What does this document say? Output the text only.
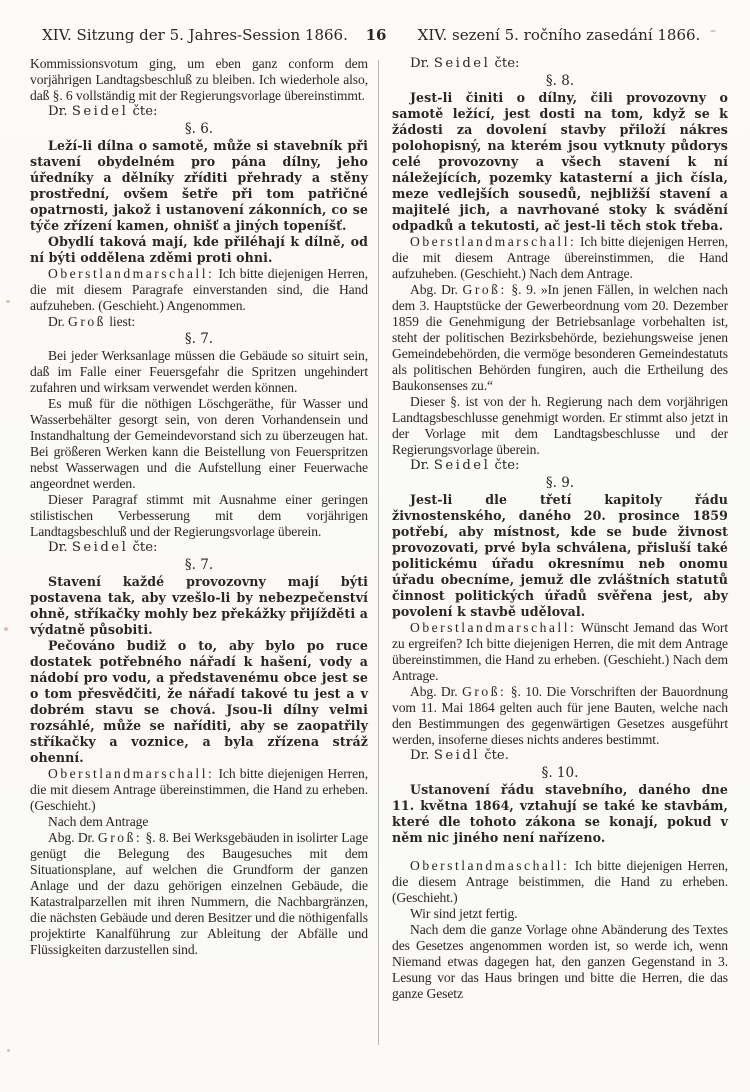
XIV. Sitzung der 5. Jahres-Session 1866.	16	XIV. sezení 5. ročního zasedání 1866.

Kommissionsvotum ging, um eben ganz conform dem vorjährigen Landtagsbeschluß zu bleiben. Ich wiederhole also, daß §. 6 vollständig mit der Regierungsvorlage übereinstimmt.

Dr. Seidel čte:

§. 6.

Leží-li dílna o samotě, může si stavebník při stavení obydelném pro pána dílny, jeho úředníky a dělníky zříditi přehrady a stěny prostřední, ovšem šetře při tom patřičné opatrnosti, jakož i ustanovení zákonních, co se týče zřízení kamen, ohnišť a jiných topeníšť.

Obydlí taková mají, kde přiléhají k dílně, od ní býti oddělena zděmi proti ohni.

Oberstlandmarschall: Ich bitte diejenigen Herren, die mit diesem Paragrafe einverstanden sind, die Hand aufzuheben. (Geschieht.) Angenommen.

Dr. Groß liest:

§. 7.

Bei jeder Werksanlage müssen die Gebäude so situirt sein, daß im Falle einer Feuersgefahr die Spritzen ungehindert zufahren und wirksam verwendet werden können.

Es muß für die nöthigen Löschgeräthe, für Wasser und Wasserbehälter gesorgt sein, von deren Vorhandensein und Instandhaltung der Gemeindevorstand sich zu überzeugen hat. Bei größeren Werken kann die Beistellung von Feuerspritzen nebst Wasserwagen und die Aufstellung einer Feuerwache angeordnet werden.

Dieser Paragraf stimmt mit Ausnahme einer geringen stilistischen Verbesserung mit dem vorjährigen Landtagsbeschluß und der Regierungsvorlage überein.

Dr. Seidel čte:

§. 7.

Stavení každé provozovny mají býti postavena tak, aby vzešlo-li by nebezpečenství ohně, stříkačky mohly bez překážky přijížděti a výdatně působiti.

Pečováno budiž o to, aby bylo po ruce dostatek potřebného nářadí k hašení, vody a nádobí pro vodu, a představenému obce jest se o tom přesvědčiti, že nářadí takové tu jest a v dobrém stavu se chová. Jsou-li dílny velmi rozsáhlé, může se naříditi, aby se zaopatřily stříkačky a voznice, a byla zřízena stráž ohenní.

Oberstlandmarschall: Ich bitte diejenigen Herren, die mit diesem Antrage übereinstimmen, die Hand zu erheben. (Geschieht.)

Nach dem Antrage

Abg. Dr. Groß: §. 8. Bei Werksgebäuden in isolirter Lage genügt die Belegung des Baugesuches mit dem Situationsplane, auf welchen die Grundform der ganzen Anlage und der dazu gehörigen einzelnen Gebäude, die Katastralparzellen mit ihren Nummern, die Nachbargränzen, die nächsten Gebäude und deren Besitzer und die nöthigenfalls projektirte Kanalführung zur Ableitung der Abfälle und Flüssigkeiten darzustellen sind.

Dr. Seidel čte:

§. 8.

Jest-li činiti o dílny, čili provozovny o samotě ležící, jest dosti na tom, když se k žádosti za dovolení stavby přiloží nákres polohopisný, na kterém jsou vytknuty půdorys celé provozovny a všech stavení k ní náležejících, pozemky katasterní a jich čísla, meze vedlejších sousedů, nejbližší stavení a majitelé jich, a navrhované stoky k svádění odpadků a tekutosti, ač jest-li těch stok třeba.

Oberstlandmarschall: Ich bitte diejenigen Herren, die mit diesem Antrage übereinstimmen, die Hand aufzuheben. (Geschieht.) Nach dem Antrage.

Abg. Dr. Groß: §. 9. »In jenen Fällen, in welchen nach dem 3. Hauptstücke der Gewerbeordnung vom 20. Dezember 1859 die Genehmigung der Betriebsanlage vorbehalten ist, steht der politischen Bezirksbehörde, beziehungsweise jenen Gemeindebehörden, die vermöge besonderen Gemeindestatuts als politischen Behörden fungiren, auch die Ertheilung des Baukonsenses zu.“

Dieser §. ist von der h. Regierung nach dem vorjährigen Landtagsbeschlusse genehmigt worden. Er stimmt also jetzt in der Vorlage mit dem Landtagsbeschlusse und der Regierungsvorlage überein.

Dr. Seidel čte:

§. 9.

Jest-li dle třetí kapitoly řádu živnostenského, daného 20. prosince 1859 potřebí, aby místnost, kde se bude živnost provozovati, prvé byla schválena, přisluší také politickému úřadu okresnímu neb onomu úřadu obecníme, jemuž dle zvláštních statutů činnost politických úřadů svěřena jest, aby povolení k stavbě uděloval.

Oberstlandmarschall: Wünscht Jemand das Wort zu ergreifen? Ich bitte diejenigen Herren, die mit dem Antrage übereinstimmen, die Hand zu erheben. (Geschieht.) Nach dem Antrage.

Abg. Dr. Groß: §. 10. Die Vorschriften der Bauordnung vom 11. Mai 1864 gelten auch für jene Bauten, welche nach den Bestimmungen des gegenwärtigen Gesetzes ausgeführt werden, insoferne dieses nichts anderes bestimmt.

Dr. Seidl čte.

§. 10.

Ustanovení řádu stavebního, daného dne 11. května 1864, vztahují se také ke stavbám, které dle tohoto zákona se konají, pokud v něm nic jiného není nařízeno.

Oberstlandmaschall: Ich bitte diejenigen Herren, die diesem Antrage beistimmen, die Hand zu erheben. (Geschieht.)

Wir sind jetzt fertig.

Nach dem die ganze Vorlage ohne Abänderung des Textes des Gesetzes angenommen worden ist, so werde ich, wenn Niemand etwas dagegen hat, den ganzen Gegenstand in 3. Lesung vor das Haus bringen und bitte die Herren, die das ganze Gesetz
